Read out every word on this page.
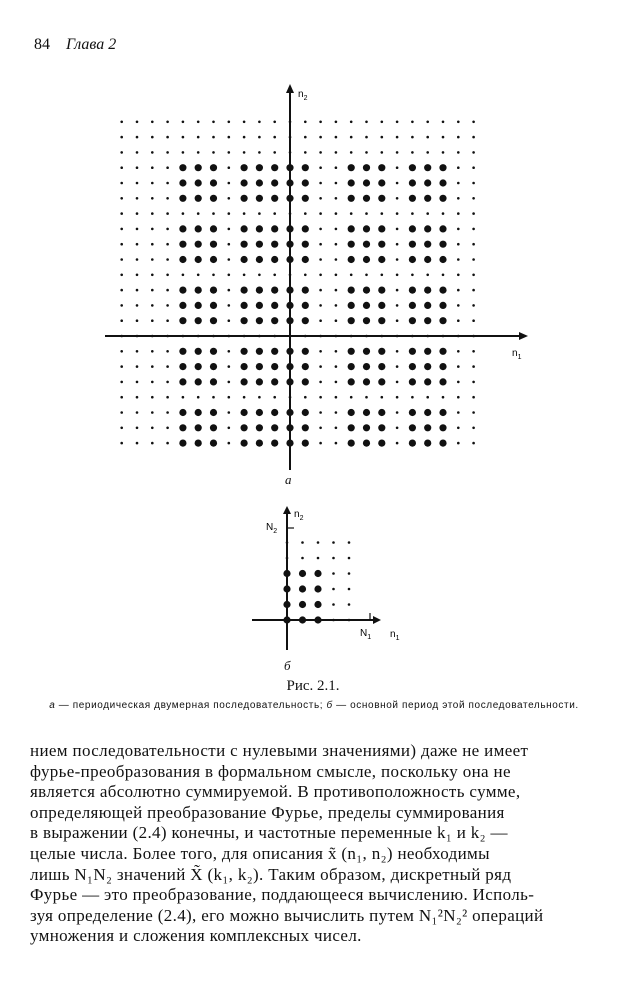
84 Глава 2
$n_2$
$n_1$
а
$n_2$
$n_1$
$N_2$
$N_1$
б
Рис. 2.1.
а — периодическая двумерная последовательность; б — основной период этой последовательности.

нием последовательности с нулевыми значениями) даже не имеет

фурье-преобразования в формальном смысле, поскольку она не

является абсолютно суммируемой. В противоположность сумме,

определяющей преобразование Фурье, пределы суммирования

в выражении (2.4) конечны, и частотные переменные k₁ и k₂ —

целые числа. Более того, для описания x̃ (n₁, n₂) необходимы

лишь N₁N₂ значений X̃ (k₁, k₂). Таким образом, дискретный ряд

Фурье — это преобразование, поддающееся вычислению. Исполь-

зуя определение (2.4), его можно вычислить путем N₁²N₂² операций

умножения и сложения комплексных чисел.
